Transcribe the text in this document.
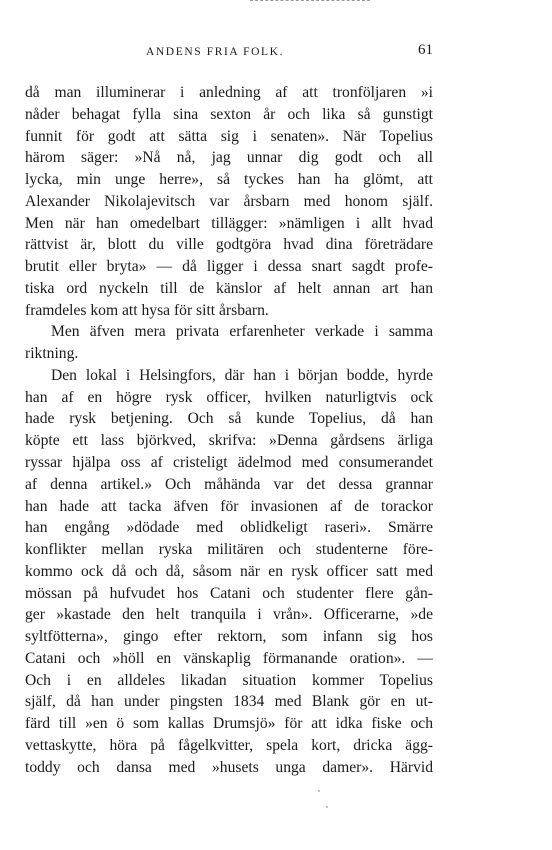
ANDENS FRIA FOLK.	61
då man illuminerar i anledning af att tronföljaren »i
nåder behagat fylla sina sexton år och lika så gunstigt
funnit för godt att sätta sig i senaten». När Topelius
härom säger: »Nå nå, jag unnar dig godt och all
lycka, min unge herre», så tyckes han ha glömt, att
Alexander Nikolajevitsch var årsbarn med honom själf.
Men när han omedelbart tillägger: »nämligen i allt hvad
rättvist är, blott du ville godtgöra hvad dina företrädare
brutit eller bryta» — då ligger i dessa snart sagdt profe-
tiska ord nyckeln till de känslor af helt annan art han
framdeles kom att hysa för sitt årsbarn.
Men äfven mera privata erfarenheter verkade i samma
riktning.
Den lokal i Helsingfors, där han i början bodde, hyrde
han af en högre rysk officer, hvilken naturligtvis ock
hade rysk betjening. Och så kunde Topelius, då han
köpte ett lass björkved, skrifva: »Denna gårdsens ärliga
ryssar hjälpa oss af cristeligt ädelmod med consumerandet
af denna artikel.» Och måhända var det dessa grannar
han hade att tacka äfven för invasionen af de torackor
han engång »dödade med oblidkeligt raseri». Smärre
konflikter mellan ryska militären och studenterne före-
kommo ock då och då, såsom när en rysk officer satt med
mössan på hufvudet hos Catani och studenter flere gån-
ger »kastade den helt tranquila i vrån». Officerarne, »de
syltfötterna», gingo efter rektorn, som infann sig hos
Catani och »höll en vänskaplig förmanande oration». —
Och i en alldeles likadan situation kommer Topelius
själf, då han under pingsten 1834 med Blank gör en ut-
färd till »en ö som kallas Drumsjö» för att idka fiske och
vettaskytte, höra på fågelkvitter, spela kort, dricka ägg-
toddy och dansa med »husets unga damer». Härvid
